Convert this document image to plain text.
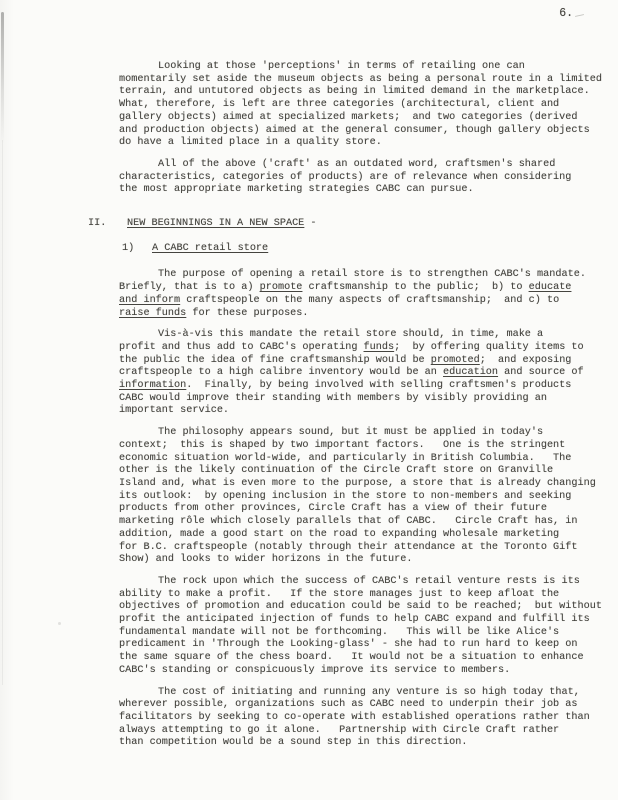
6.
Looking at those 'perceptions' in terms of retailing one can
momentarily set aside the museum objects as being a personal route in a limited
terrain, and untutored objects as being in limited demand in the marketplace.
What, therefore, is left are three categories (architectural, client and
gallery objects) aimed at specialized markets;  and two categories (derived
and production objects) aimed at the general consumer, though gallery objects
do have a limited place in a quality store.
All of the above ('craft' as an outdated word, craftsmen's shared
characteristics, categories of products) are of relevance when considering
the most appropriate marketing strategies CABC can pursue.
II. NEW BEGINNINGS IN A NEW SPACE -
1) A CABC retail store
The purpose of opening a retail store is to strengthen CABC's mandate.
Briefly, that is to a) promote craftsmanship to the public;  b) to educate
and inform craftspeople on the many aspects of craftsmanship;  and c) to
raise funds for these purposes.
Vis-à-vis this mandate the retail store should, in time, make a
profit and thus add to CABC's operating funds;  by offering quality items to
the public the idea of fine craftsmanship would be promoted;  and exposing
craftspeople to a high calibre inventory would be an education and source of
information.  Finally, by being involved with selling craftsmen's products
CABC would improve their standing with members by visibly providing an
important service.
The philosophy appears sound, but it must be applied in today's
context;  this is shaped by two important factors.   One is the stringent
economic situation world-wide, and particularly in British Columbia.   The
other is the likely continuation of the Circle Craft store on Granville
Island and, what is even more to the purpose, a store that is already changing
its outlook:  by opening inclusion in the store to non-members and seeking
products from other provinces, Circle Craft has a view of their future
marketing rôle which closely parallels that of CABC.   Circle Craft has, in
addition, made a good start on the road to expanding wholesale marketing
for B.C. craftspeople (notably through their attendance at the Toronto Gift
Show) and looks to wider horizons in the future.
The rock upon which the success of CABC's retail venture rests is its
ability to make a profit.   If the store manages just to keep afloat the
objectives of promotion and education could be said to be reached;  but without
profit the anticipated injection of funds to help CABC expand and fulfill its
fundamental mandate will not be forthcoming.   This will be like Alice's
predicament in 'Through the Looking-glass' - she had to run hard to keep on
the same square of the chess board.   It would not be a situation to enhance
CABC's standing or conspicuously improve its service to members.
The cost of initiating and running any venture is so high today that,
wherever possible, organizations such as CABC need to underpin their job as
facilitators by seeking to co-operate with established operations rather than
always attempting to go it alone.   Partnership with Circle Craft rather
than competition would be a sound step in this direction.
